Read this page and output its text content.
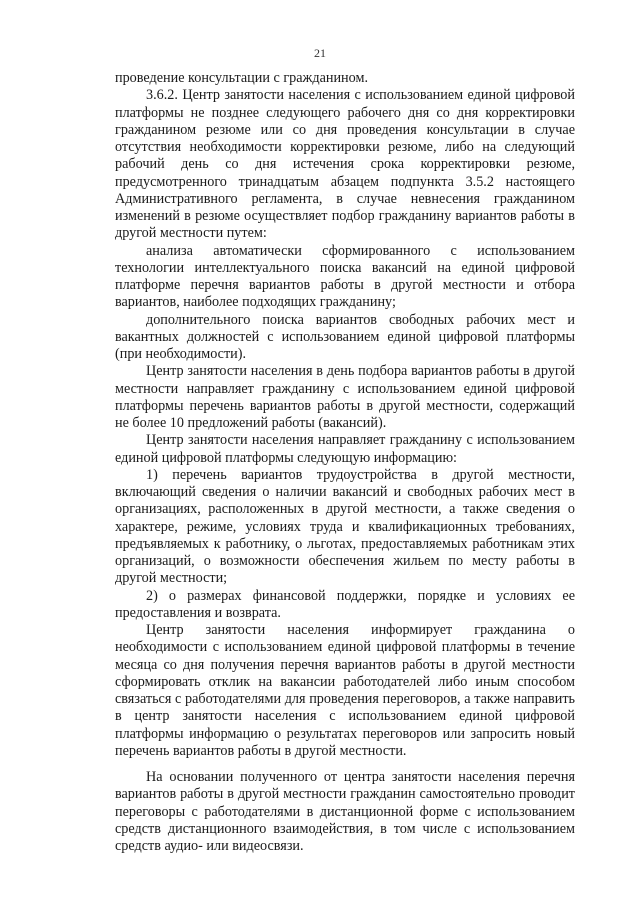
21

проведение консультации с гражданином.

3.6.2. Центр занятости населения с использованием единой цифровой платформы не позднее следующего рабочего дня со дня корректировки гражданином резюме или со дня проведения консультации в случае отсутствия необходимости корректировки резюме, либо на следующий рабочий день со дня истечения срока корректировки резюме, предусмотренного тринадцатым абзацем подпункта 3.5.2 настоящего Административного регламента, в случае невнесения гражданином изменений в резюме осуществляет подбор гражданину вариантов работы в другой местности путем:

анализа автоматически сформированного с использованием технологии интеллектуального поиска вакансий на единой цифровой платформе перечня вариантов работы в другой местности и отбора вариантов, наиболее подходящих гражданину;

дополнительного поиска вариантов свободных рабочих мест и вакантных должностей с использованием единой цифровой платформы (при необходимости).

Центр занятости населения в день подбора вариантов работы в другой местности направляет гражданину с использованием единой цифровой платформы перечень вариантов работы в другой местности, содержащий не более 10 предложений работы (вакансий).

Центр занятости населения направляет гражданину с использованием единой цифровой платформы следующую информацию:

1) перечень вариантов трудоустройства в другой местности, включающий сведения о наличии вакансий и свободных рабочих мест в организациях, расположенных в другой местности, а также сведения о характере, режиме, условиях труда и квалификационных требованиях, предъявляемых к работнику, о льготах, предоставляемых работникам этих организаций, о возможности обеспечения жильем по месту работы в другой местности;

2) о размерах финансовой поддержки, порядке и условиях ее предоставления и возврата.

Центр занятости населения информирует гражданина о необходимости с использованием единой цифровой платформы в течение месяца со дня получения перечня вариантов работы в другой местности сформировать отклик на вакансии работодателей либо иным способом связаться с работодателями для проведения переговоров, а также направить в центр занятости населения с использованием единой цифровой платформы информацию о результатах переговоров или запросить новый перечень вариантов работы в другой местности.

На основании полученного от центра занятости населения перечня вариантов работы в другой местности гражданин самостоятельно проводит переговоры с работодателями в дистанционной форме с использованием средств дистанционного взаимодействия, в том числе с использованием средств аудио- или видеосвязи.
